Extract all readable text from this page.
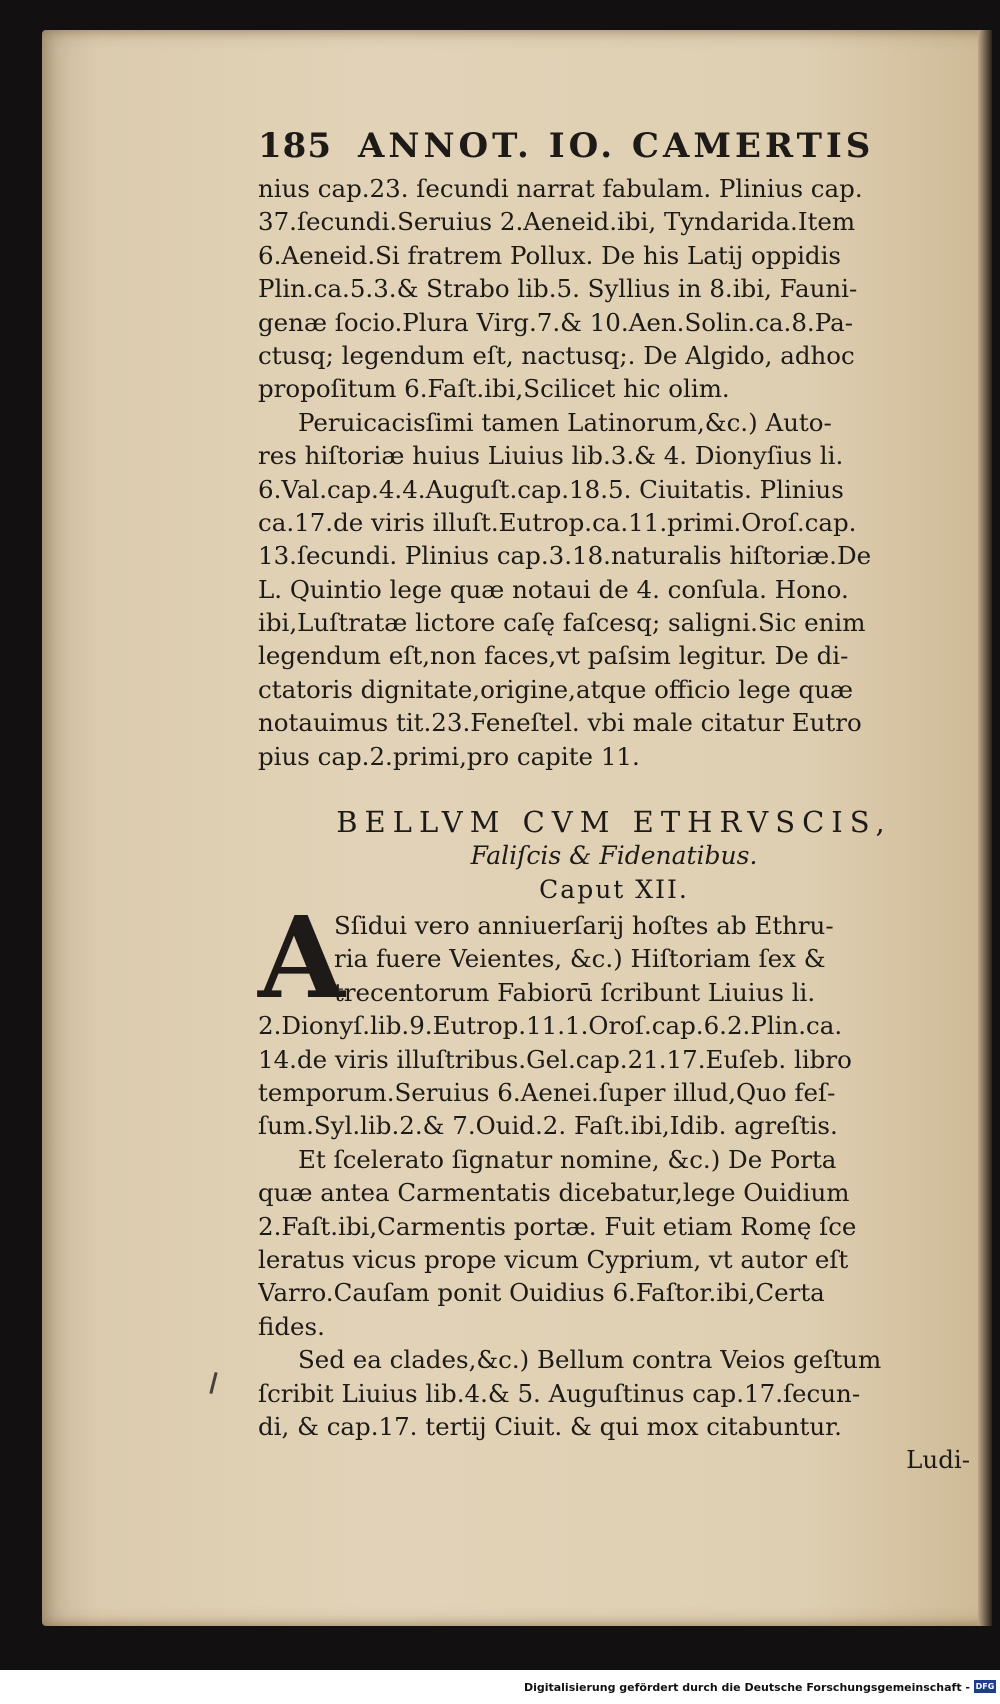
185 ANNOT. IO. CAMERTIS
nius cap.23. ſecundi narrat fabulam. Plinius cap.
37.ſecundi.Seruius 2.Aeneid.ibi, Tyndarida.Item
6.Aeneid.Si fratrem Pollux. De his Latij oppidis
Plin.ca.5.3.& Strabo lib.5. Syllius in 8.ibi, Fauni-
genæ ſocio.Plura Virg.7.& 10.Aen.Solin.ca.8.Pa-
ctusq; legendum eſt, nactusq;. De Algido, adhoc
propoſitum 6.Faſt.ibi,Scilicet hic olim.
Peruicacisſimi tamen Latinorum,&c.) Auto-
res hiſtoriæ huius Liuius lib.3.& 4. Dionyſius li.
6.Val.cap.4.4.Auguſt.cap.18.5. Ciuitatis. Plinius
ca.17.de viris illuſt.Eutrop.ca.11.primi.Oroſ.cap.
13.ſecundi. Plinius cap.3.18.naturalis hiſtoriæ.De
L. Quintio lege quæ notaui de 4. conſula. Hono.
ibi,Luſtratæ lictore caſę faſcesq; saligni.Sic enim
legendum eſt,non faces,vt paſsim legitur. De di-
ctatoris dignitate,origine,atque officio lege quæ
notauimus tit.23.Feneſtel. vbi male citatur Eutro
pius cap.2.primi,pro capite 11.
BELLVM CVM ETHRVSCIS,
Faliſcis & Fidenatibus.
Caput XII.
A
Sſidui vero anniuerſarij hoſtes ab Ethru-
ria fuere Veientes, &c.) Hiſtoriam ſex &
trecentorum Fabiorū ſcribunt Liuius li.
2.Dionyſ.lib.9.Eutrop.11.1.Oroſ.cap.6.2.Plin.ca.
14.de viris illuſtribus.Gel.cap.21.17.Euſeb. libro
temporum.Seruius 6.Aenei.ſuper illud,Quo feſ-
ſum.Syl.lib.2.& 7.Ouid.2. Faſt.ibi,Idib. agreſtis.
Et ſcelerato ſignatur nomine, &c.) De Porta
quæ antea Carmentatis dicebatur,lege Ouidium
2.Faſt.ibi,Carmentis portæ. Fuit etiam Romę ſce
leratus vicus prope vicum Cyprium, vt autor eſt
Varro.Cauſam ponit Ouidius 6.Faſtor.ibi,Certa
fides.
Sed ea clades,&c.) Bellum contra Veios geſtum
ſcribit Liuius lib.4.& 5. Auguſtinus cap.17.ſecun-
di, & cap.17. tertij Ciuit. & qui mox citabuntur.
Ludi-
Digitalisierung gefördert durch die Deutsche Forschungsgemeinschaft - DFG
